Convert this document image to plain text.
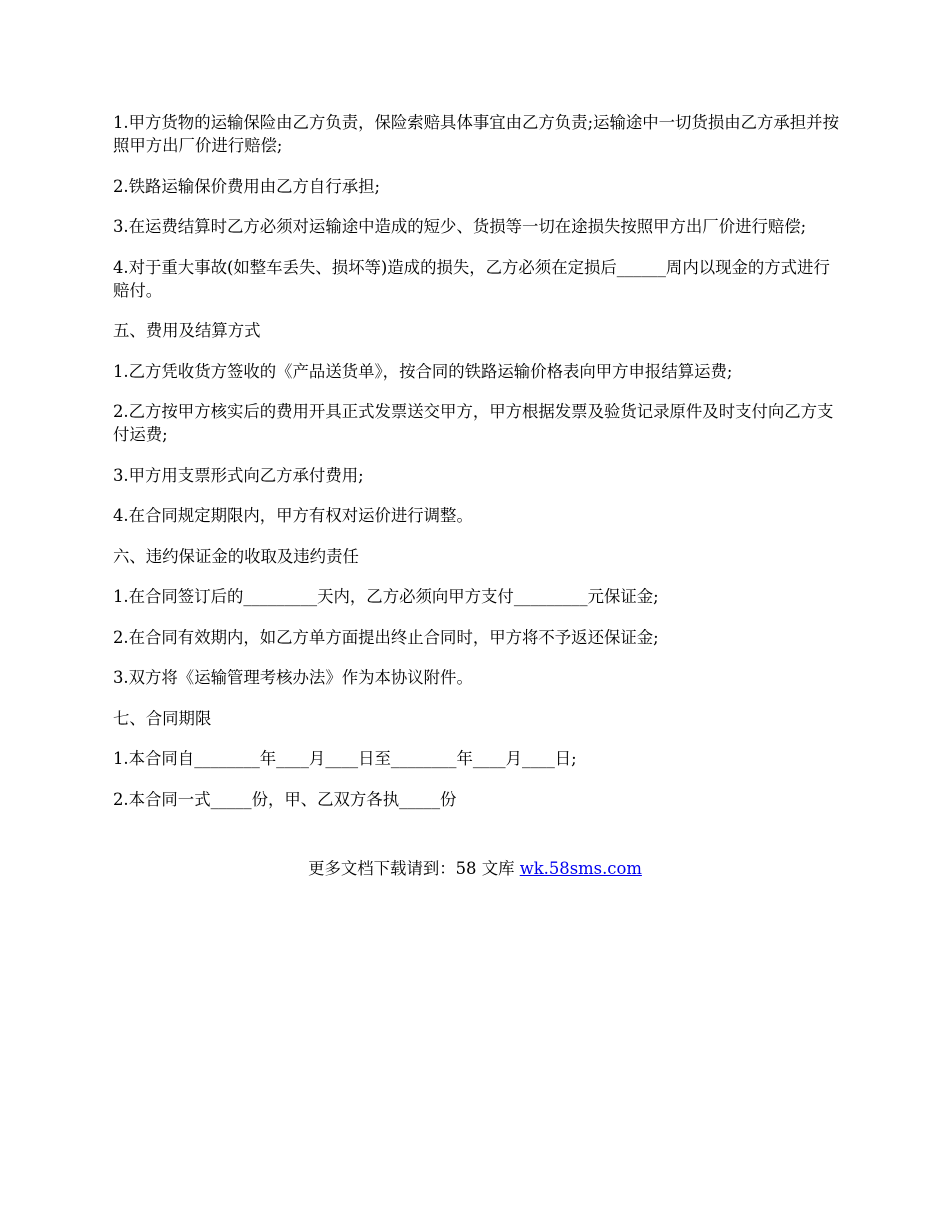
1.甲方货物的运输保险由乙方负责，保险索赔具体事宜由乙方负责;运输途中一切货损由乙方承担并按照甲方出厂价进行赔偿;

2.铁路运输保价费用由乙方自行承担;

3.在运费结算时乙方必须对运输途中造成的短少、货损等一切在途损失按照甲方出厂价进行赔偿;

4.对于重大事故(如整车丢失、损坏等)造成的损失，乙方必须在定损后______周内以现金的方式进行赔付。

五、费用及结算方式

1.乙方凭收货方签收的《产品送货单》，按合同的铁路运输价格表向甲方申报结算运费;

2.乙方按甲方核实后的费用开具正式发票送交甲方，甲方根据发票及验货记录原件及时支付向乙方支付运费;

3.甲方用支票形式向乙方承付费用;

4.在合同规定期限内，甲方有权对运价进行调整。

六、违约保证金的收取及违约责任

1.在合同签订后的_________天内，乙方必须向甲方支付_________元保证金;

2.在合同有效期内，如乙方单方面提出终止合同时，甲方将不予返还保证金;

3.双方将《运输管理考核办法》作为本协议附件。

七、合同期限

1.本合同自________年____月____日至________年____月____日;

2.本合同一式_____份，甲、乙双方各执_____份

更多文档下载请到：58 文库 wk.58sms.com
